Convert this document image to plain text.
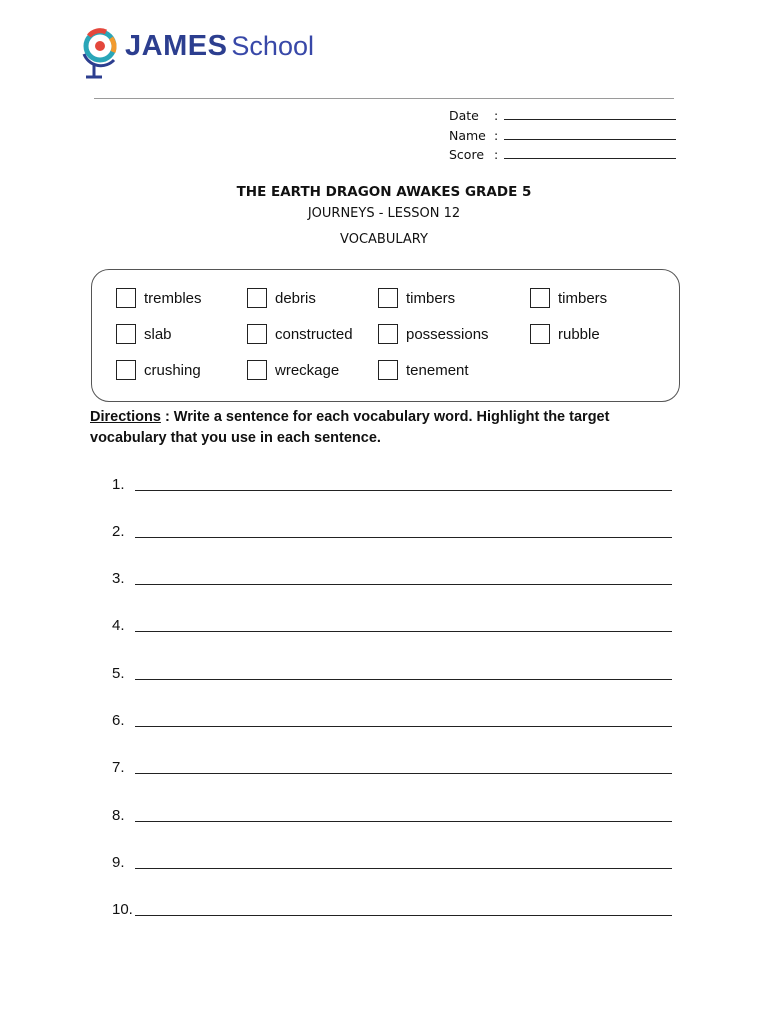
JAMES School
Date	:
Name :
Score :
THE EARTH DRAGON AWAKES GRADE 5
JOURNEYS - LESSON 12
VOCABULARY
trembles	debris	timbers	timbers
slab	constructed	possessions	rubble
crushing	wreckage	tenement
Directions : Write a sentence for each vocabulary word. Highlight the target vocabulary that you use in each sentence.
1.
2.
3.
4.
5.
6.
7.
8.
9.
10.
